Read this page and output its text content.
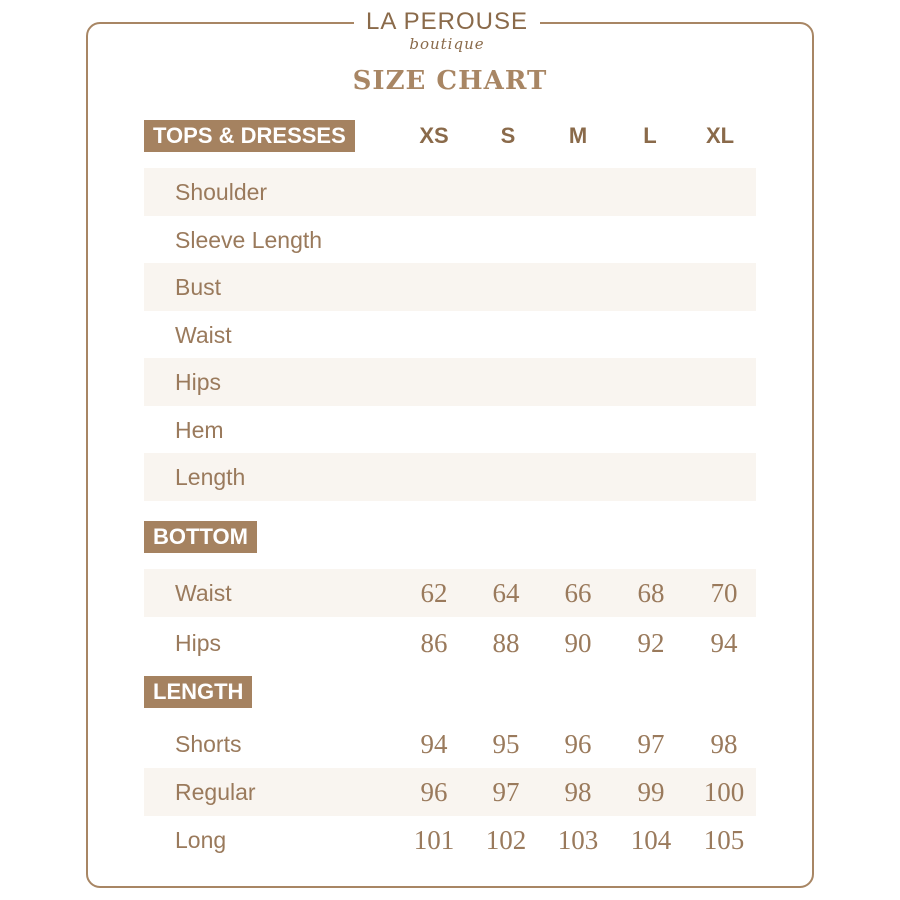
LA PEROUSE
boutique
SIZE CHART
TOPS & DRESSES
BOTTOM
LENGTH
XS	S	M	L	XL
Shoulder
Sleeve Length
Bust
Waist
Hips
Hem
Length
Waist	62	64	66	68	70
Hips	86	88	90	92	94
Shorts	94	95	96	97	98
Regular	96	97	98	99	100
Long	101	102	103	104	105
